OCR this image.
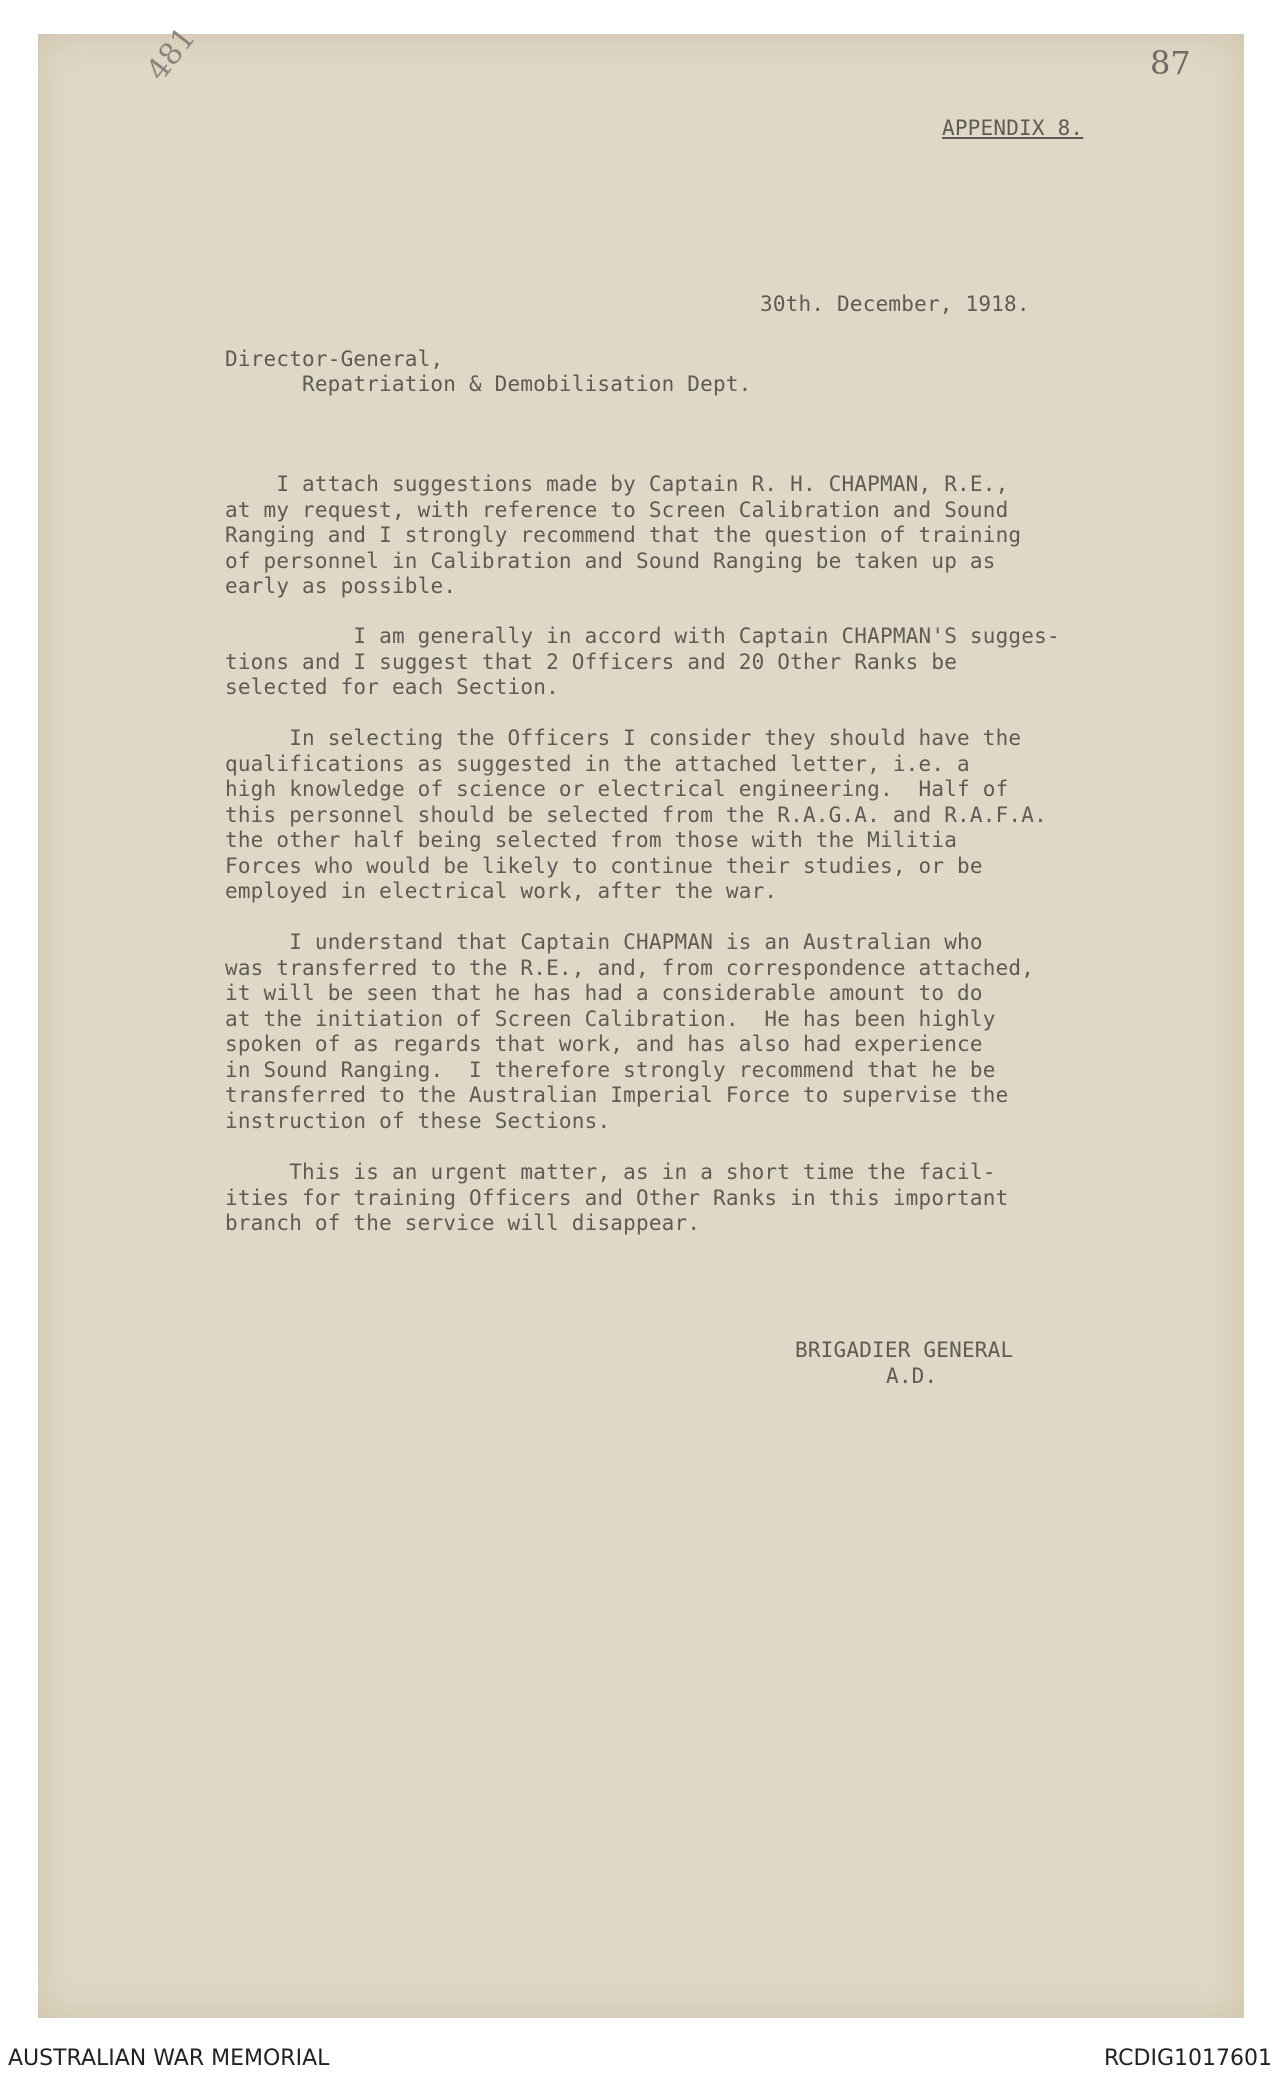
87
481
APPENDIX 8.
30th. December, 1918.
Director-General,
Repatriation & Demobilisation Dept.
I attach suggestions made by Captain R. H. CHAPMAN, R.E.,
at my request, with reference to Screen Calibration and Sound
Ranging and I strongly recommend that the question of training
of personnel in Calibration and Sound Ranging be taken up as
early as possible.
I am generally in accord with Captain CHAPMAN'S sugges-
tions and I suggest that 2 Officers and 20 Other Ranks be
selected for each Section.
In selecting the Officers I consider they should have the
qualifications as suggested in the attached letter, i.e. a
high knowledge of science or electrical engineering.  Half of
this personnel should be selected from the R.A.G.A. and R.A.F.A.
the other half being selected from those with the Militia
Forces who would be likely to continue their studies, or be
employed in electrical work, after the war.
I understand that Captain CHAPMAN is an Australian who
was transferred to the R.E., and, from correspondence attached,
it will be seen that he has had a considerable amount to do
at the initiation of Screen Calibration.  He has been highly
spoken of as regards that work, and has also had experience
in Sound Ranging.  I therefore strongly recommend that he be
transferred to the Australian Imperial Force to supervise the
instruction of these Sections.
This is an urgent matter, as in a short time the facil-
ities for training Officers and Other Ranks in this important
branch of the service will disappear.
BRIGADIER GENERAL
A.D.
AUSTRALIAN WAR MEMORIAL	RCDIG1017601
